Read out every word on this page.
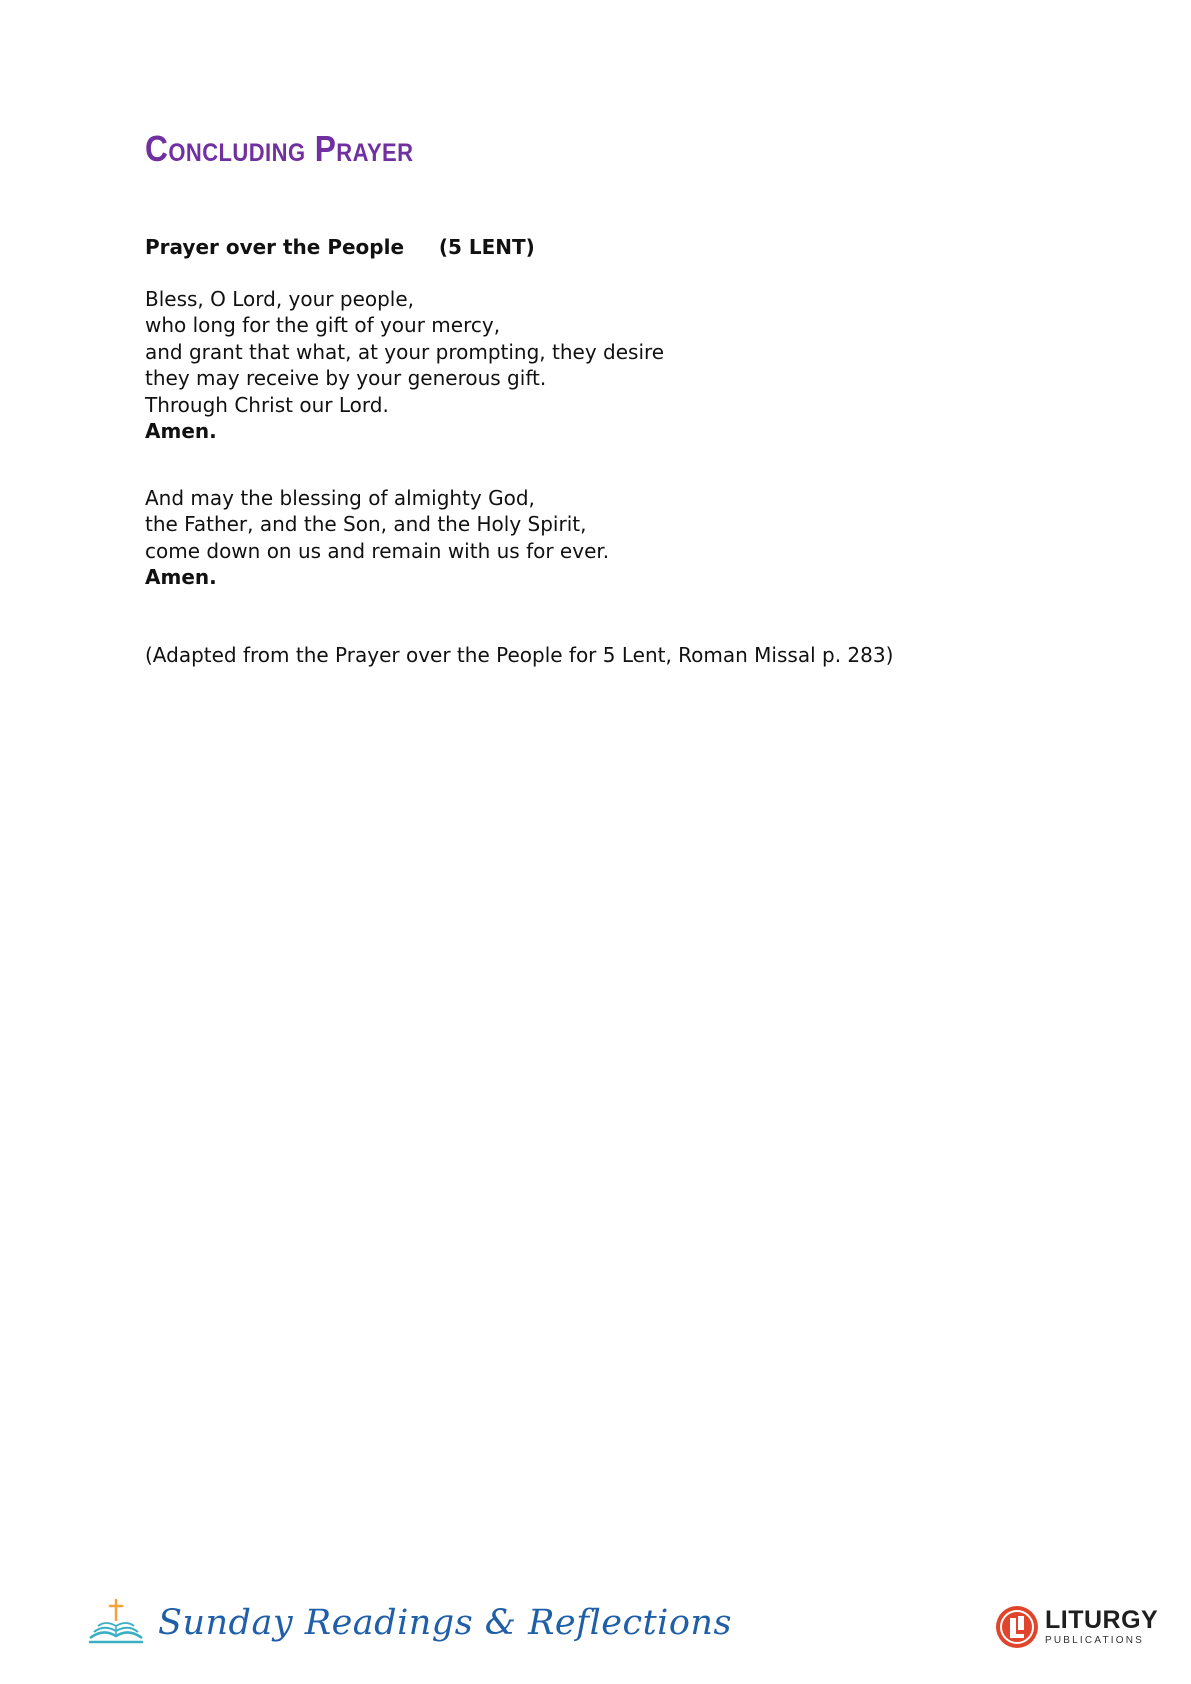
Concluding Prayer
Prayer over the People     (5 LENT)
Bless, O Lord, your people,
who long for the gift of your mercy,
and grant that what, at your prompting, they desire
they may receive by your generous gift.
Through Christ our Lord.
Amen.
And may the blessing of almighty God,
the Father, and the Son, and the Holy Spirit,
come down on us and remain with us for ever.
Amen.
(Adapted from the Prayer over the People for 5 Lent, Roman Missal p. 283)
Sunday Readings & Reflections	LITURGY
PUBLICATIONS
